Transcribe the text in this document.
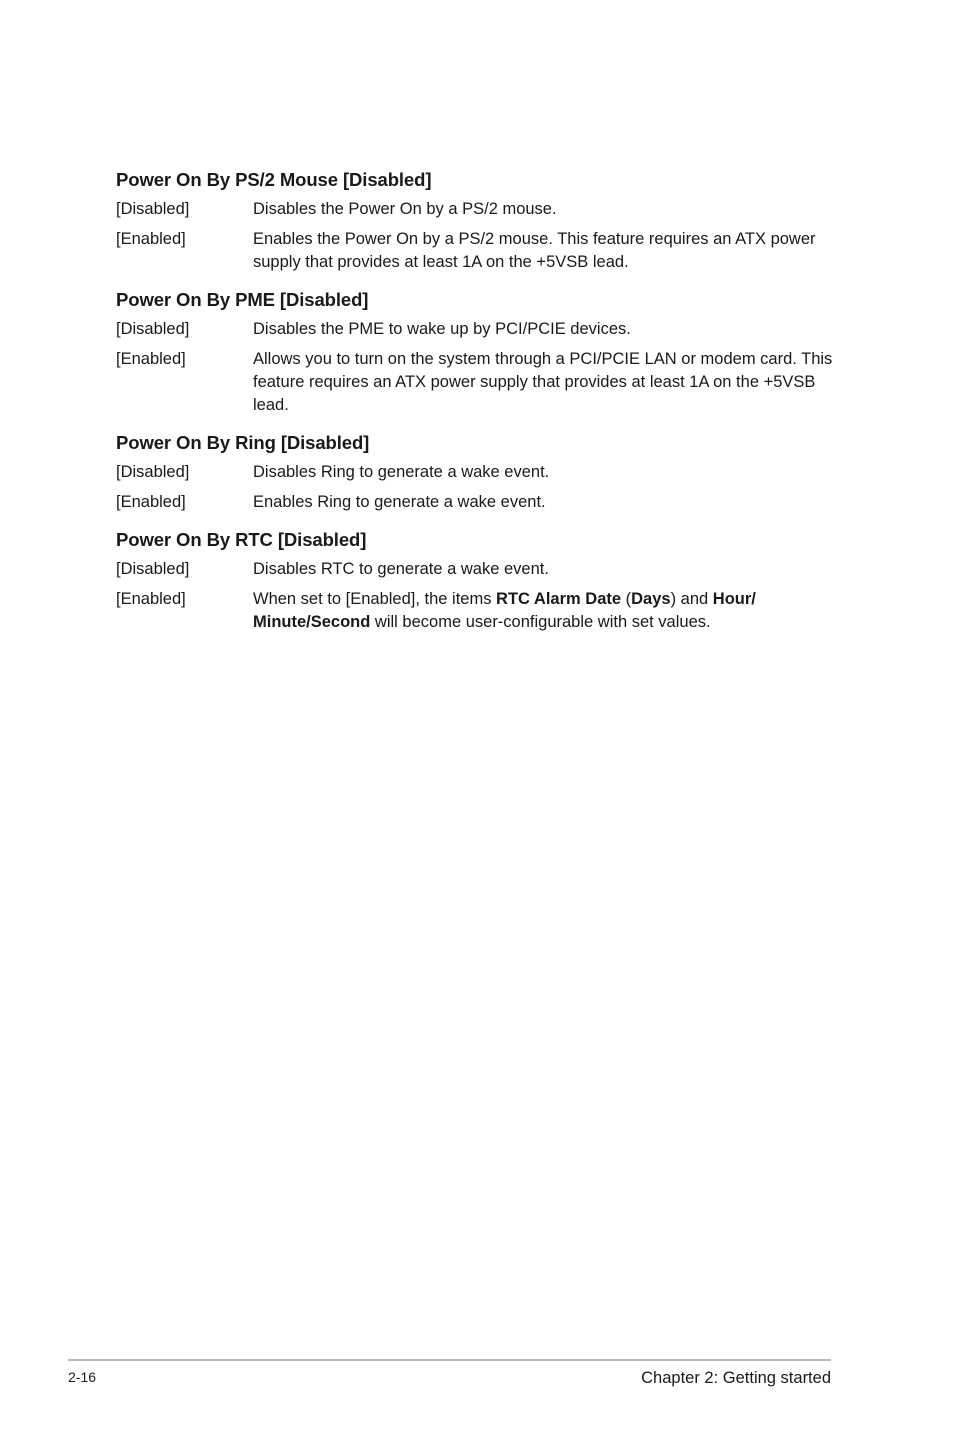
Power On By PS/2 Mouse [Disabled]
[Disabled]	Disables the Power On by a PS/2 mouse.
[Enabled]	Enables the Power On by a PS/2 mouse. This feature requires an ATX power supply that provides at least 1A on the +5VSB lead.
Power On By PME [Disabled]
[Disabled]	Disables the PME to wake up by PCI/PCIE devices.
[Enabled]	Allows you to turn on the system through a PCI/PCIE LAN or modem card. This feature requires an ATX power supply that provides at least 1A on the +5VSB lead.
Power On By Ring [Disabled]
[Disabled]	Disables Ring to generate a wake event.
[Enabled]	Enables Ring to generate a wake event.
Power On By RTC [Disabled]
[Disabled]	Disables RTC to generate a wake event.
[Enabled]	When set to [Enabled], the items RTC Alarm Date (Days) and Hour/ Minute/Second will become user-configurable with set values.
2-16	Chapter 2: Getting started
